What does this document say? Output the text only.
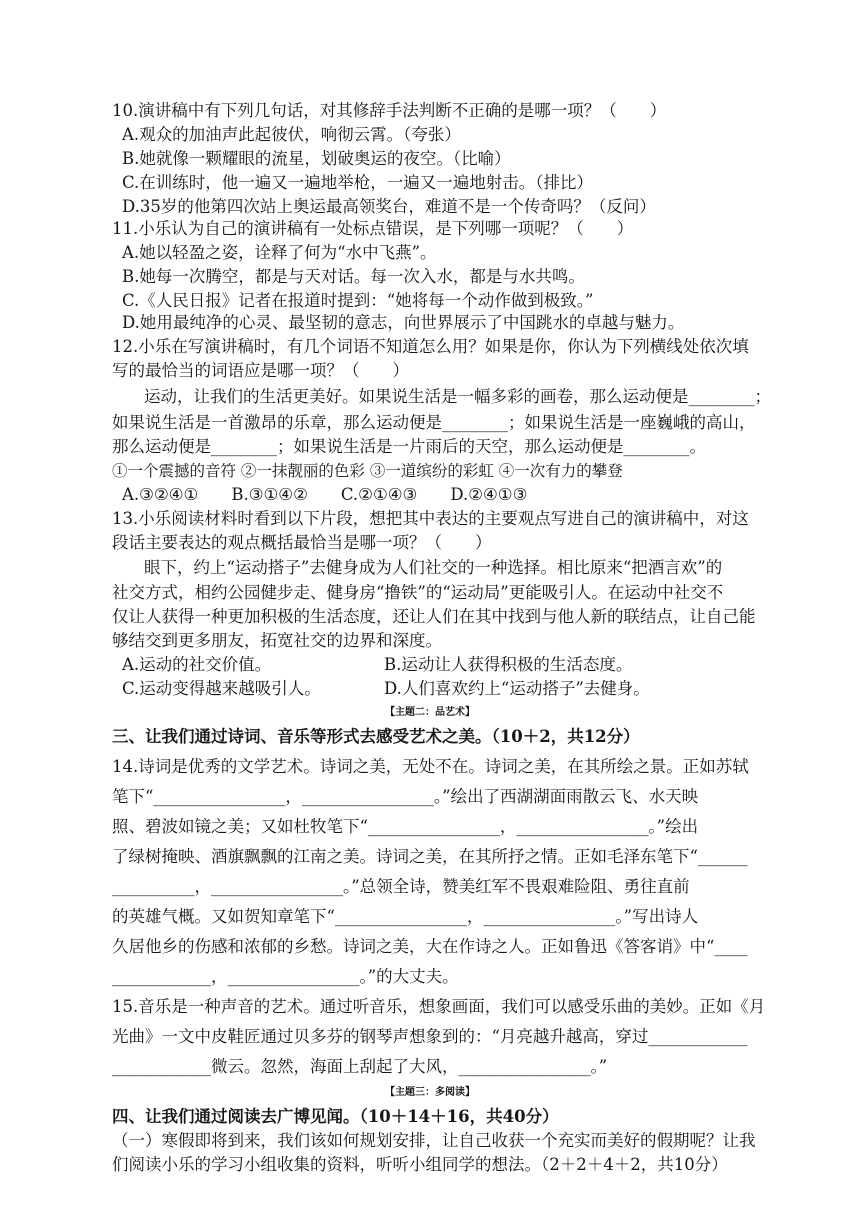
10.演讲稿中有下列几句话，对其修辞手法判断不正确的是哪一项？（　　）
A.观众的加油声此起彼伏，响彻云霄。（夸张）
B.她就像一颗耀眼的流星，划破奥运的夜空。（比喻）
C.在训练时，他一遍又一遍地举枪，一遍又一遍地射击。（排比）
D.35岁的他第四次站上奥运最高领奖台，难道不是一个传奇吗？（反问）
11.小乐认为自己的演讲稿有一处标点错误，是下列哪一项呢？（　　）
A.她以轻盈之姿，诠释了何为“水中飞燕”。
B.她每一次腾空，都是与天对话。每一次入水，都是与水共鸣。
C.《人民日报》记者在报道时提到：“她将每一个动作做到极致。”
D.她用最纯净的心灵、最坚韧的意志，向世界展示了中国跳水的卓越与魅力。
12.小乐在写演讲稿时，有几个词语不知道怎么用？如果是你，你认为下列横线处依次填
写的最恰当的词语应是哪一项？（　　）
运动，让我们的生活更美好。如果说生活是一幅多彩的画卷，那么运动便是________；
如果说生活是一首激昂的乐章，那么运动便是________；如果说生活是一座巍峨的高山，
那么运动便是________；如果说生活是一片雨后的天空，那么运动便是________。
①一个震撼的音符 ②一抹靓丽的色彩 ③一道缤纷的彩虹 ④一次有力的攀登
A.③②④①　　B.③①④②　　C.②①④③　　D.②④①③
13.小乐阅读材料时看到以下片段，想把其中表达的主要观点写进自己的演讲稿中，对这
段话主要表达的观点概括最恰当是哪一项？（　　）
眼下，约上“运动搭子”去健身成为人们社交的一种选择。相比原来“把酒言欢”的
社交方式，相约公园健步走、健身房“撸铁”的“运动局”更能吸引人。在运动中社交不
仅让人获得一种更加积极的生活态度，还让人们在其中找到与他人新的联结点，让自己能
够结交到更多朋友，拓宽社交的边界和深度。
A.运动的社交价值。	B.运动让人获得积极的生活态度。
C.运动变得越来越吸引人。	D.人们喜欢约上“运动搭子”去健身。
【主题二：品艺术】
三、让我们通过诗词、音乐等形式去感受艺术之美。（10＋2，共12分）
14.诗词是优秀的文学艺术。诗词之美，无处不在。诗词之美，在其所绘之景。正如苏轼
笔下“________________，________________。”绘出了西湖湖面雨散云飞、水天映
照、碧波如镜之美；又如杜牧笔下“________________，________________。”绘出
了绿树掩映、酒旗飘飘的江南之美。诗词之美，在其所抒之情。正如毛泽东笔下“______
__________，________________。”总领全诗，赞美红军不畏艰难险阻、勇往直前
的英雄气概。又如贺知章笔下“________________，________________。”写出诗人
久居他乡的伤感和浓郁的乡愁。诗词之美，大在作诗之人。正如鲁迅《答客诮》中“____
____________，________________。”的大丈夫。
15.音乐是一种声音的艺术。通过听音乐，想象画面，我们可以感受乐曲的美妙。正如《月
光曲》一文中皮鞋匠通过贝多芬的钢琴声想象到的：“月亮越升越高，穿过____________
____________微云。忽然，海面上刮起了大风，________________。”
【主题三：多阅读】
四、让我们通过阅读去广博见闻。（10＋14＋16，共40分）
（一）寒假即将到来，我们该如何规划安排，让自己收获一个充实而美好的假期呢？让我
们阅读小乐的学习小组收集的资料，听听小组同学的想法。（2＋2＋4＋2，共10分）
